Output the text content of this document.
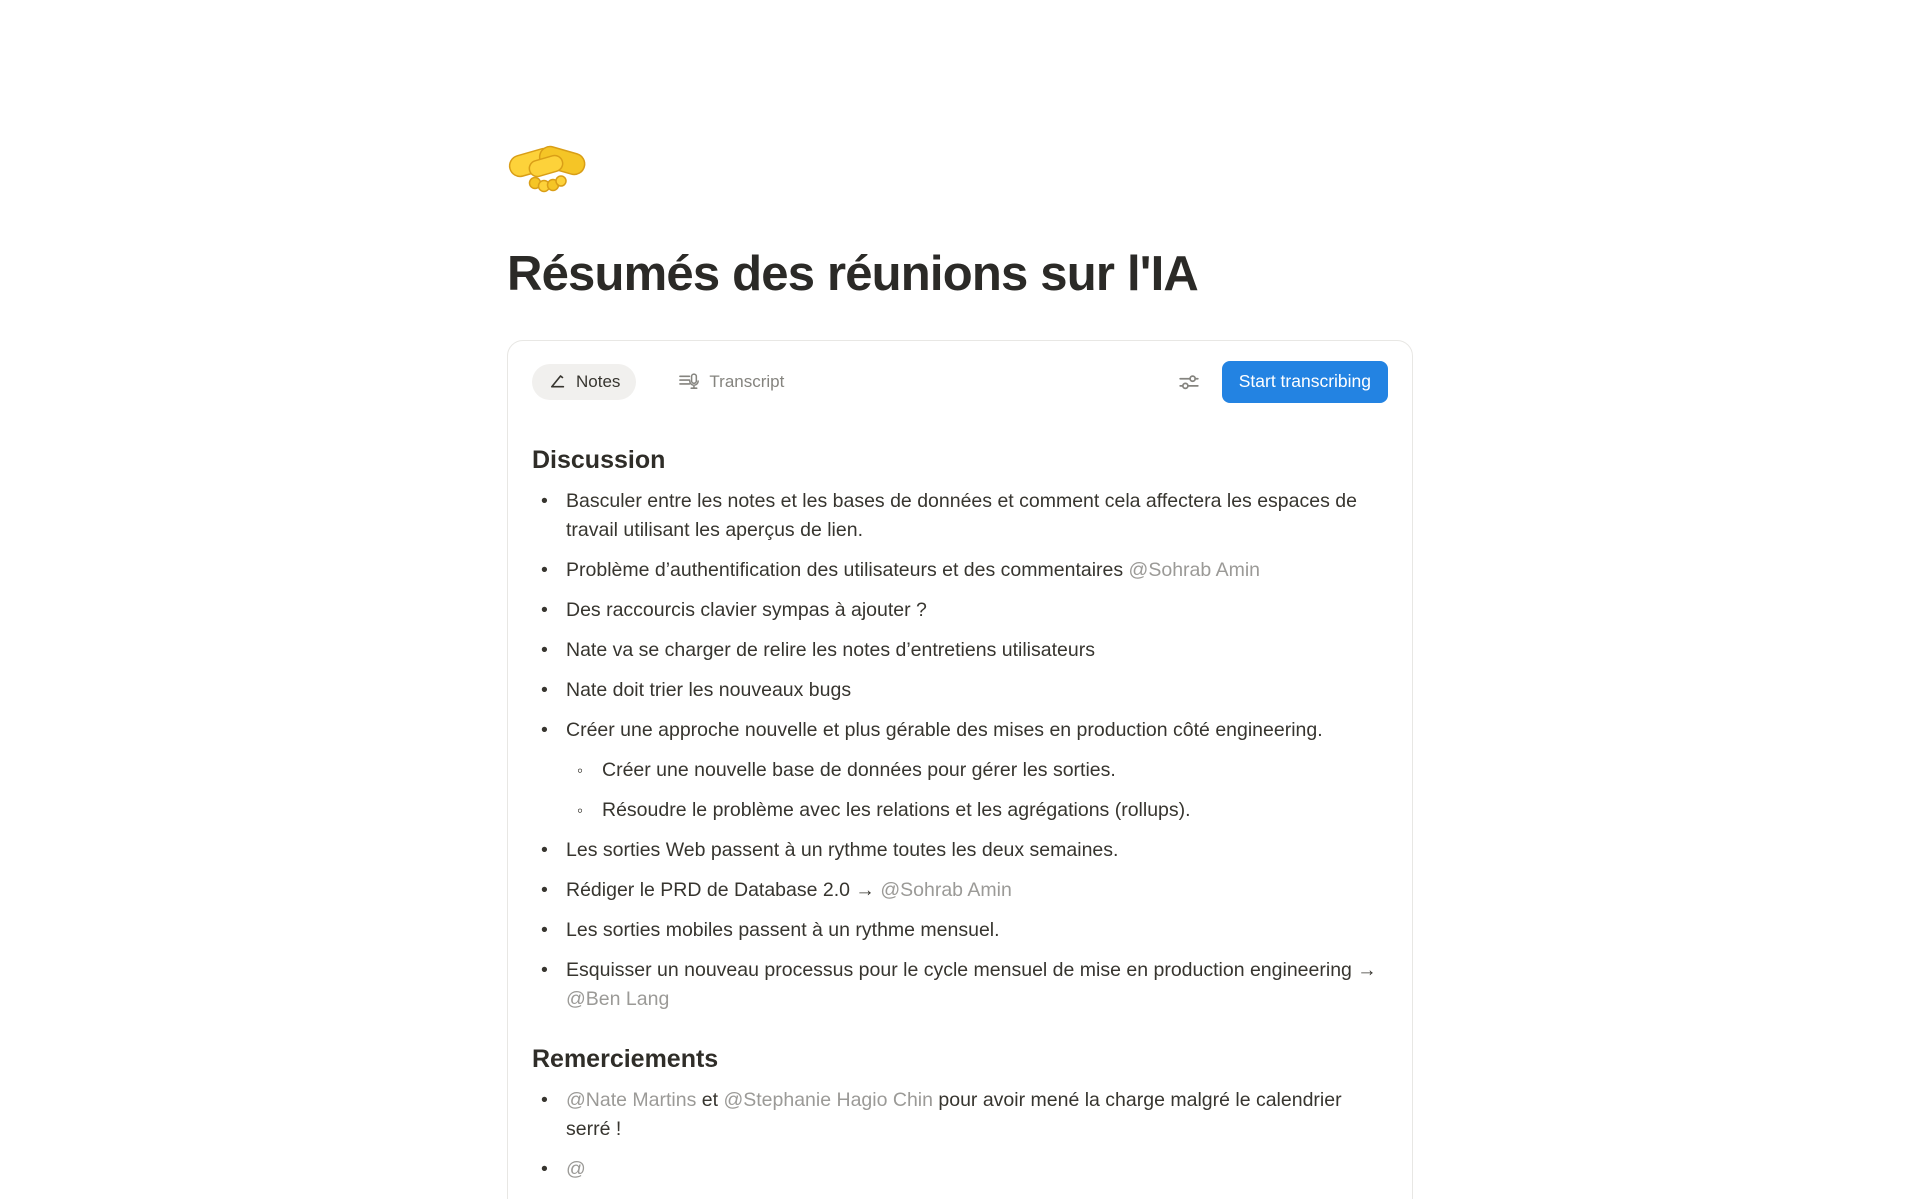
Résumés des réunions sur l'IA
Notes	Transcript	Start transcribing
Discussion
• Basculer entre les notes et les bases de données et comment cela affectera les espaces de travail utilisant les aperçus de lien.
• Problème d’authentification des utilisateurs et des commentaires @Sohrab Amin
• Des raccourcis clavier sympas à ajouter ?
• Nate va se charger de relire les notes d’entretiens utilisateurs
• Nate doit trier les nouveaux bugs
• Créer une approche nouvelle et plus gérable des mises en production côté engineering.
◦ Créer une nouvelle base de données pour gérer les sorties.
◦ Résoudre le problème avec les relations et les agrégations (rollups).
• Les sorties Web passent à un rythme toutes les deux semaines.
• Rédiger le PRD de Database 2.0 → @Sohrab Amin
• Les sorties mobiles passent à un rythme mensuel.
• Esquisser un nouveau processus pour le cycle mensuel de mise en production engineering → @Ben Lang
Remerciements
• @Nate Martins et @Stephanie Hagio Chin pour avoir mené la charge malgré le calendrier serré !
• @
